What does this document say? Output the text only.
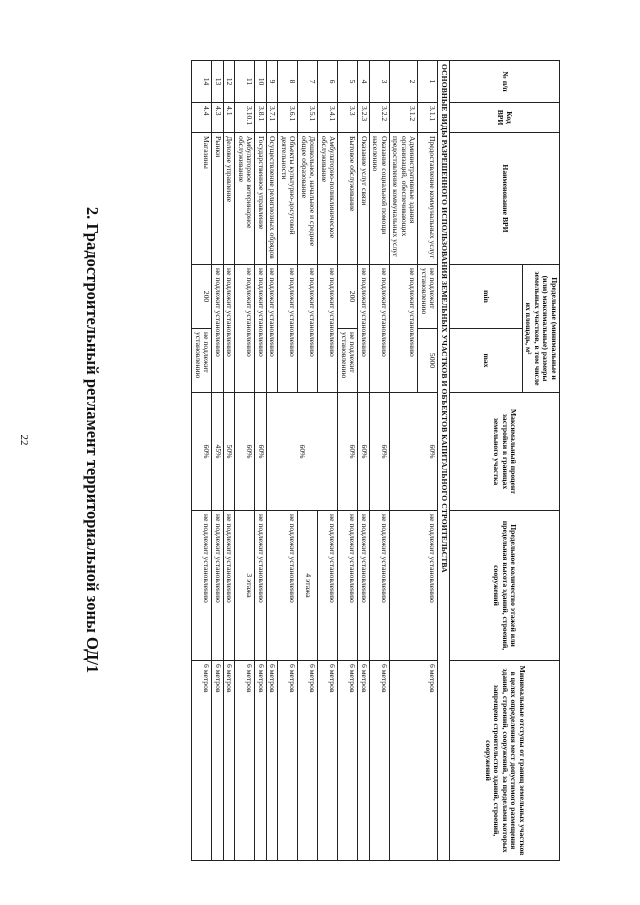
22	2. Градостроительный регламент территориальной зоны ОД/1
№ п/п	Код ВРИ	Наименование ВРИ	Предельные (минимальные и (или) максимальные) размеры земельных участков, в том числе их площадь, м²		Максимальный процент застройки в границах земельного участка	Предельное количество этажей или предельная высота зданий, строений, сооружений	Минимальные отступы от границ земельных участков в целях определения мест допустимого размещения зданий, строений, сооружений, за пределами которых запрещено строительство зданий, строений, сооружений
			min	max			
ОСНОВНЫЕ ВИДЫ РАЗРЕШЕННОГО ИСПОЛЬЗОВАНИЯ ЗЕМЕЛЬНЫХ УЧАСТКОВ И ОБЪЕКТОВ КАПИТАЛЬНОГО СТРОИТЕЛЬСТВА							
1	3.1.1	Предоставление коммунальных услуг	не подлежит установлению	5000	60%	не подлежит установлению	6 метров
2	3.1.2	Административные здания организаций, обеспечивающих предоставление коммунальных услуг	не подлежит установлению				
3	3.2.2	Оказание социальной помощи населению	не подлежит установлению		60%	не подлежит установлению	6 метров
4	3.2.3	Оказание услуг связи	не подлежит установлению		60%	не подлежит установлению	6 метров
5	3.3	Бытовое обслуживание	200	не подлежит установлению	60%	не подлежит установлению	6 метров
6	3.4.1	Амбулаторно-поликлиническое обслуживание	не подлежит установлению		60%	не подлежит установлению	6 метров
7	3.5.1	Дошкольное, начальное и среднее общее образование	не подлежит установлению			4 этажа	6 метров
8	3.6.1	Объекты культурно-досуговой деятельности	не подлежит установлению			не подлежит установлению	6 метров
9	3.7.1	Осуществление религиозных обрядов	не подлежит установлению				6 метров
10	3.8.1	Государственное управление	не подлежит установлению		60%	не подлежит установлению	6 метров
11	3.10.1	Амбулаторное ветеринарное обслуживание	не подлежит установлению		60%	3 этажа	6 метров
12	4.1	Деловое управление	не подлежит установлению		50%	не подлежит установлению	6 метров
13	4.3	Рынки	не подлежит установлению		45%	не подлежит установлению	6 метров
14	4.4	Магазины	200	не подлежит установлению	60%	не подлежит установлению	6 метров
